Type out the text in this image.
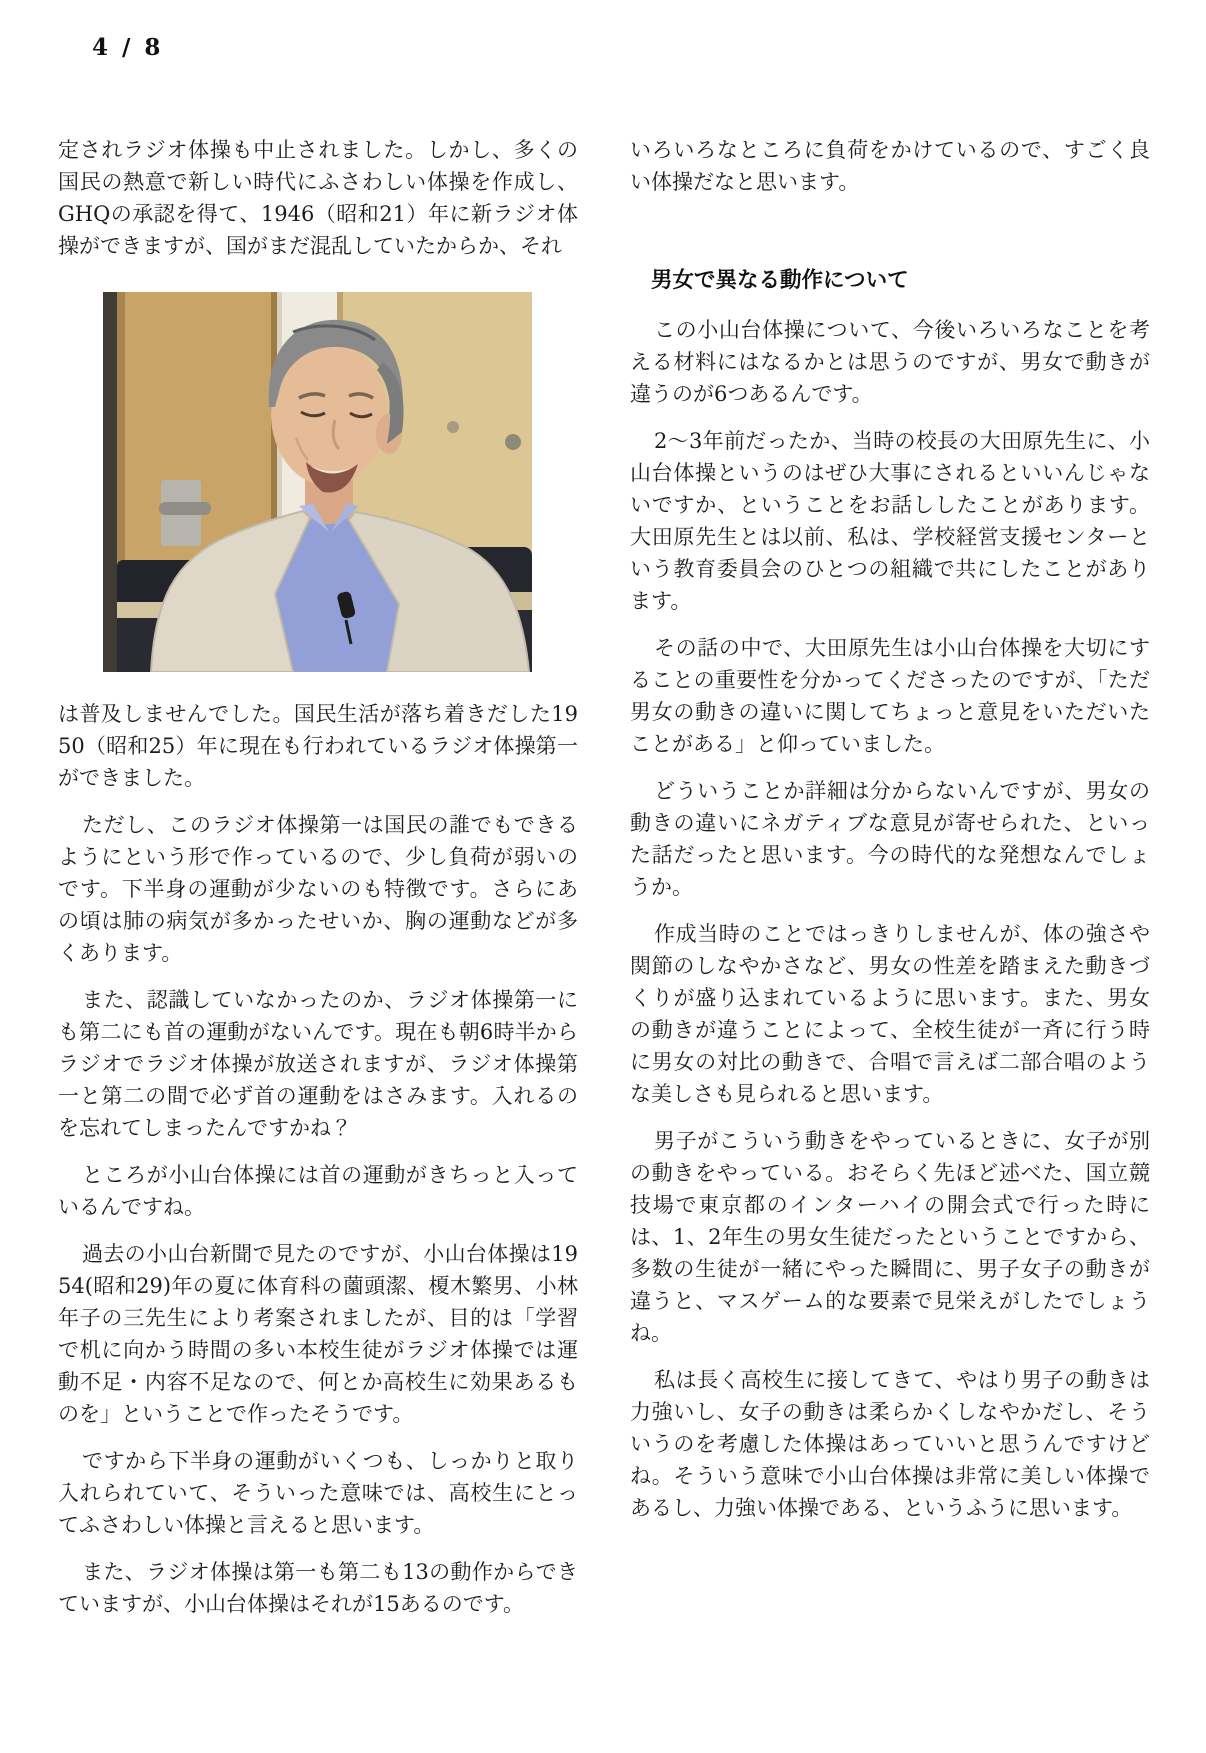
4 / 8

定されラジオ体操も中止されました。しかし、多くの国民の熱意で新しい時代にふさわしい体操を作成し、GHQの承認を得て、1946（昭和21）年に新ラジオ体操ができますが、国がまだ混乱していたからか、それ

は普及しませんでした。国民生活が落ち着きだした1950（昭和25）年に現在も行われているラジオ体操第一ができました。

ただし、このラジオ体操第一は国民の誰でもできるようにという形で作っているので、少し負荷が弱いのです。下半身の運動が少ないのも特徴です。さらにあの頃は肺の病気が多かったせいか、胸の運動などが多くあります。

また、認識していなかったのか、ラジオ体操第一にも第二にも首の運動がないんです。現在も朝6時半からラジオでラジオ体操が放送されますが、ラジオ体操第一と第二の間で必ず首の運動をはさみます。入れるのを忘れてしまったんですかね？

ところが小山台体操には首の運動がきちっと入っているんですね。

過去の小山台新聞で見たのですが、小山台体操は1954(昭和29)年の夏に体育科の薗頭潔、榎木繁男、小林年子の三先生により考案されましたが、目的は「学習で机に向かう時間の多い本校生徒がラジオ体操では運動不足・内容不足なので、何とか高校生に効果あるものを」ということで作ったそうです。

ですから下半身の運動がいくつも、しっかりと取り入れられていて、そういった意味では、高校生にとってふさわしい体操と言えると思います。

また、ラジオ体操は第一も第二も13の動作からできていますが、小山台体操はそれが15あるのです。

いろいろなところに負荷をかけているので、すごく良い体操だなと思います。

男女で異なる動作について

この小山台体操について、今後いろいろなことを考える材料にはなるかとは思うのですが、男女で動きが違うのが6つあるんです。

2～3年前だったか、当時の校長の大田原先生に、小山台体操というのはぜひ大事にされるといいんじゃないですか、ということをお話ししたことがあります。大田原先生とは以前、私は、学校経営支援センターという教育委員会のひとつの組織で共にしたことがあります。

その話の中で、大田原先生は小山台体操を大切にすることの重要性を分かってくださったのですが、「ただ男女の動きの違いに関してちょっと意見をいただいたことがある」と仰っていました。

どういうことか詳細は分からないんですが、男女の動きの違いにネガティブな意見が寄せられた、といった話だったと思います。今の時代的な発想なんでしょうか。

作成当時のことではっきりしませんが、体の強さや関節のしなやかさなど、男女の性差を踏まえた動きづくりが盛り込まれているように思います。また、男女の動きが違うことによって、全校生徒が一斉に行う時に男女の対比の動きで、合唱で言えば二部合唱のような美しさも見られると思います。

男子がこういう動きをやっているときに、女子が別の動きをやっている。おそらく先ほど述べた、国立競技場で東京都のインターハイの開会式で行った時には、1、2年生の男女生徒だったということですから、多数の生徒が一緒にやった瞬間に、男子女子の動きが違うと、マスゲーム的な要素で見栄えがしたでしょうね。

私は長く高校生に接してきて、やはり男子の動きは力強いし、女子の動きは柔らかくしなやかだし、そういうのを考慮した体操はあっていいと思うんですけどね。そういう意味で小山台体操は非常に美しい体操であるし、力強い体操である、というふうに思います。
